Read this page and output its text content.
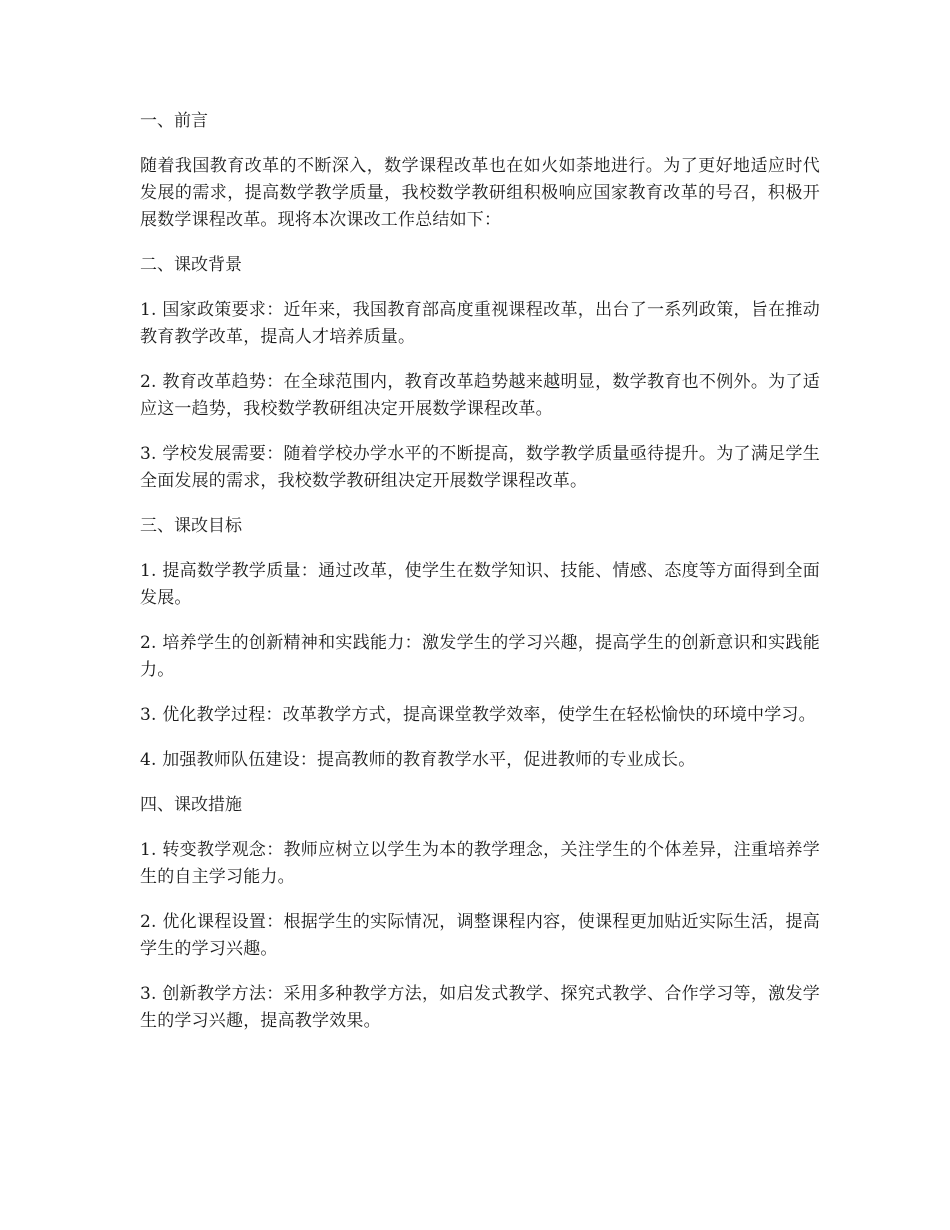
一、前言

随着我国教育改革的不断深入，数学课程改革也在如火如荼地进行。为了更好地适应时代发展的需求，提高数学教学质量，我校数学教研组积极响应国家教育改革的号召，积极开展数学课程改革。现将本次课改工作总结如下：

二、课改背景

1. 国家政策要求：近年来，我国教育部高度重视课程改革，出台了一系列政策，旨在推动教育教学改革，提高人才培养质量。

2. 教育改革趋势：在全球范围内，教育改革趋势越来越明显，数学教育也不例外。为了适应这一趋势，我校数学教研组决定开展数学课程改革。

3. 学校发展需要：随着学校办学水平的不断提高，数学教学质量亟待提升。为了满足学生全面发展的需求，我校数学教研组决定开展数学课程改革。

三、课改目标

1. 提高数学教学质量：通过改革，使学生在数学知识、技能、情感、态度等方面得到全面发展。

2. 培养学生的创新精神和实践能力：激发学生的学习兴趣，提高学生的创新意识和实践能力。

3. 优化教学过程：改革教学方式，提高课堂教学效率，使学生在轻松愉快的环境中学习。

4. 加强教师队伍建设：提高教师的教育教学水平，促进教师的专业成长。

四、课改措施

1. 转变教学观念：教师应树立以学生为本的教学理念，关注学生的个体差异，注重培养学生的自主学习能力。

2. 优化课程设置：根据学生的实际情况，调整课程内容，使课程更加贴近实际生活，提高学生的学习兴趣。

3. 创新教学方法：采用多种教学方法，如启发式教学、探究式教学、合作学习等，激发学生的学习兴趣，提高教学效果。
